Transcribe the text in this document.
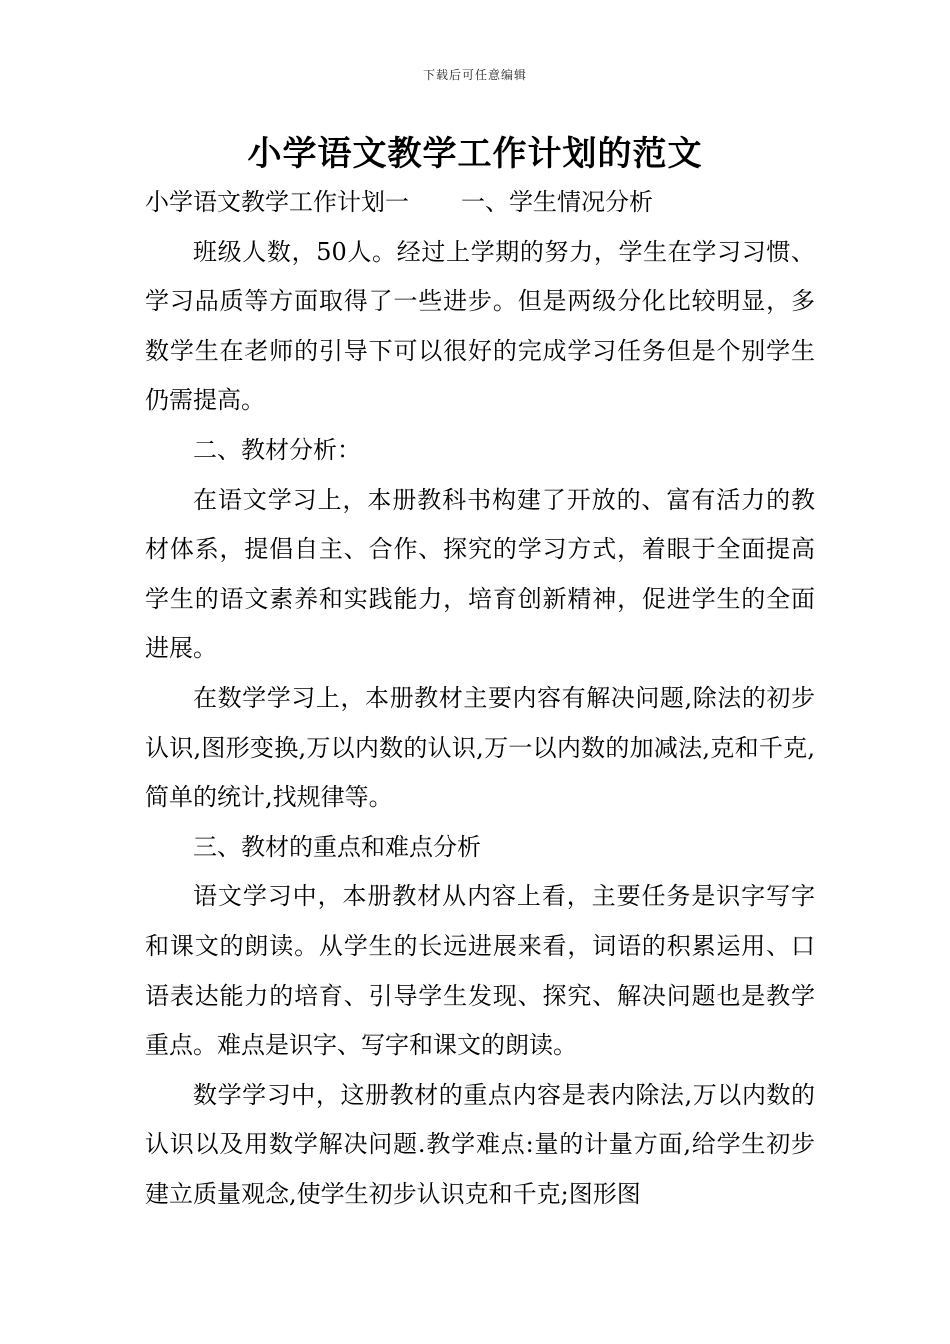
下载后可任意编辑
小学语文教学工作计划的范文

小学语文教学工作计划一 一、学生情况分析

班级人数，50人。经过上学期的努力，学生在学习习惯、学习品质等方面取得了一些进步。但是两级分化比较明显，多数学生在老师的引导下可以很好的完成学习任务但是个别学生仍需提高。

二、教材分析：

在语文学习上，本册教科书构建了开放的、富有活力的教材体系，提倡自主、合作、探究的学习方式，着眼于全面提高学生的语文素养和实践能力，培育创新精神，促进学生的全面进展。

在数学学习上，本册教材主要内容有解决问题,除法的初步认识,图形变换,万以内数的认识,万一以内数的加减法,克和千克,简单的统计,找规律等。

三、教材的重点和难点分析

语文学习中，本册教材从内容上看，主要任务是识字写字和课文的朗读。从学生的长远进展来看，词语的积累运用、口语表达能力的培育、引导学生发现、探究、解决问题也是教学重点。难点是识字、写字和课文的朗读。

数学学习中，这册教材的重点内容是表内除法,万以内数的认识以及用数学解决问题.教学难点:量的计量方面,给学生初步建立质量观念,使学生初步认识克和千克;图形图
